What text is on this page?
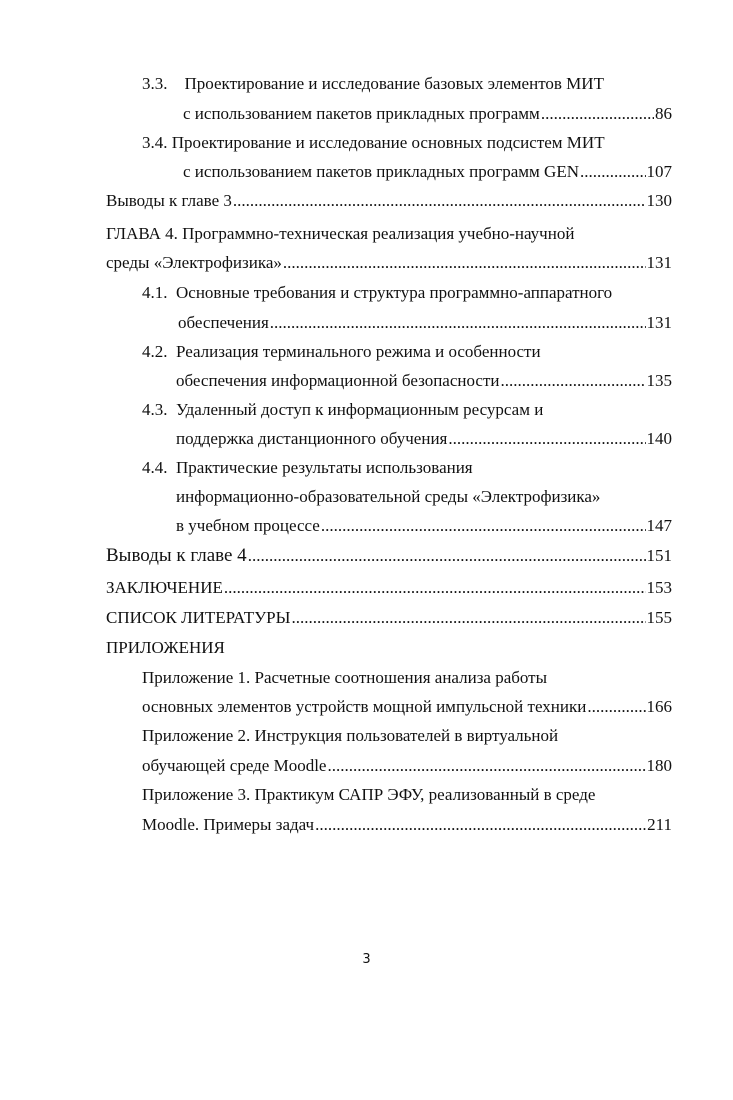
3.3.    Проектирование и исследование базовых элементов МИТ
с использованием пакетов прикладных программ .....	86
3.4. Проектирование и исследование основных подсистем МИТ
с использованием пакетов прикладных программ GEN .....	107
Выводы к главе 3 .....	130
ГЛАВА 4. Программно-техническая реализация учебно-научной
среды «Электрофизика» .....	131
4.1.  Основные требования и структура программно-аппаратного
обеспечения .....	131
4.2.  Реализация терминального режима и особенности
обеспечения информационной безопасности .....	135
4.3.  Удаленный доступ к информационным ресурсам и
поддержка дистанционного обучения .....	140
4.4.  Практические результаты использования
информационно-образовательной среды «Электрофизика»
в учебном процессе .....	147
Выводы к главе 4 .....	151
ЗАКЛЮЧЕНИЕ .....	153
СПИСОК ЛИТЕРАТУРЫ .....	155
ПРИЛОЖЕНИЯ
Приложение 1. Расчетные соотношения анализа работы
основных элементов устройств мощной импульсной техники .....	166
Приложение 2. Инструкция пользователей в виртуальной
обучающей среде Moodle .....	180
Приложение 3. Практикум САПР ЭФУ, реализованный в среде
Moodle. Примеры задач .....	211
3
